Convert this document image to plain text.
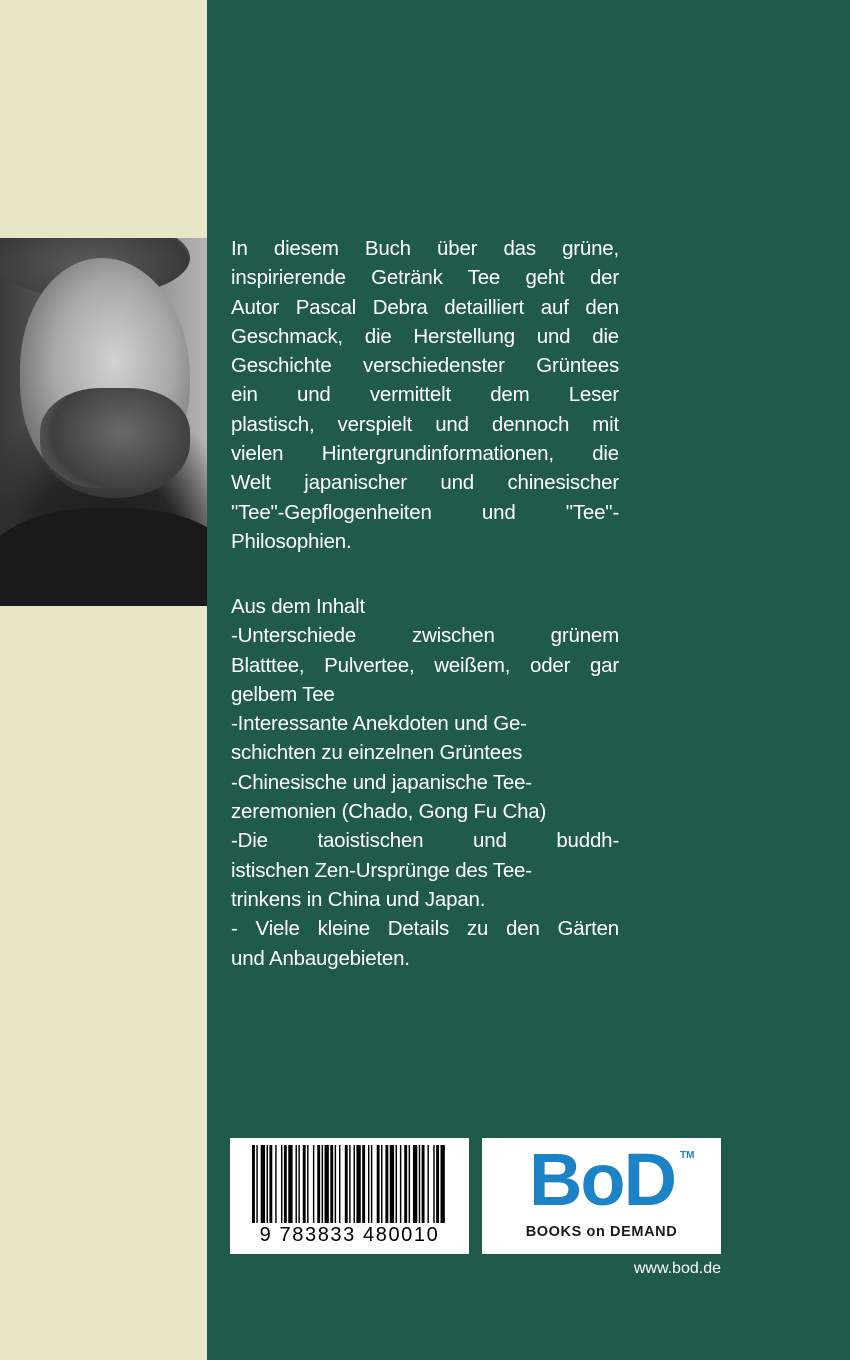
In diesem Buch über das grüne,
inspirierende Getränk Tee geht der
Autor Pascal Debra detailliert auf den
Geschmack, die Herstellung und die
Geschichte verschiedenster Grüntees
ein und vermittelt dem Leser
plastisch, verspielt und dennoch mit
vielen Hintergrundinformationen, die
Welt japanischer und chinesischer
"Tee"-Gepflogenheiten und "Tee"-
Philosophien.
Aus dem Inhalt
-Unterschiede zwischen grünem
Blatttee, Pulvertee, weißem, oder gar
gelbem Tee
-Interessante Anekdoten und Ge-
schichten zu einzelnen Grüntees
-Chinesische und japanische Tee-
zeremonien (Chado, Gong Fu Cha)
-Die taoistischen und buddh-
istischen Zen-Ursprünge des Tee-
trinkens in China und Japan.
- Viele kleine Details zu den Gärten
und Anbaugebieten.
9 783833 480010
BoD TM
BOOKS on DEMAND
www.bod.de
